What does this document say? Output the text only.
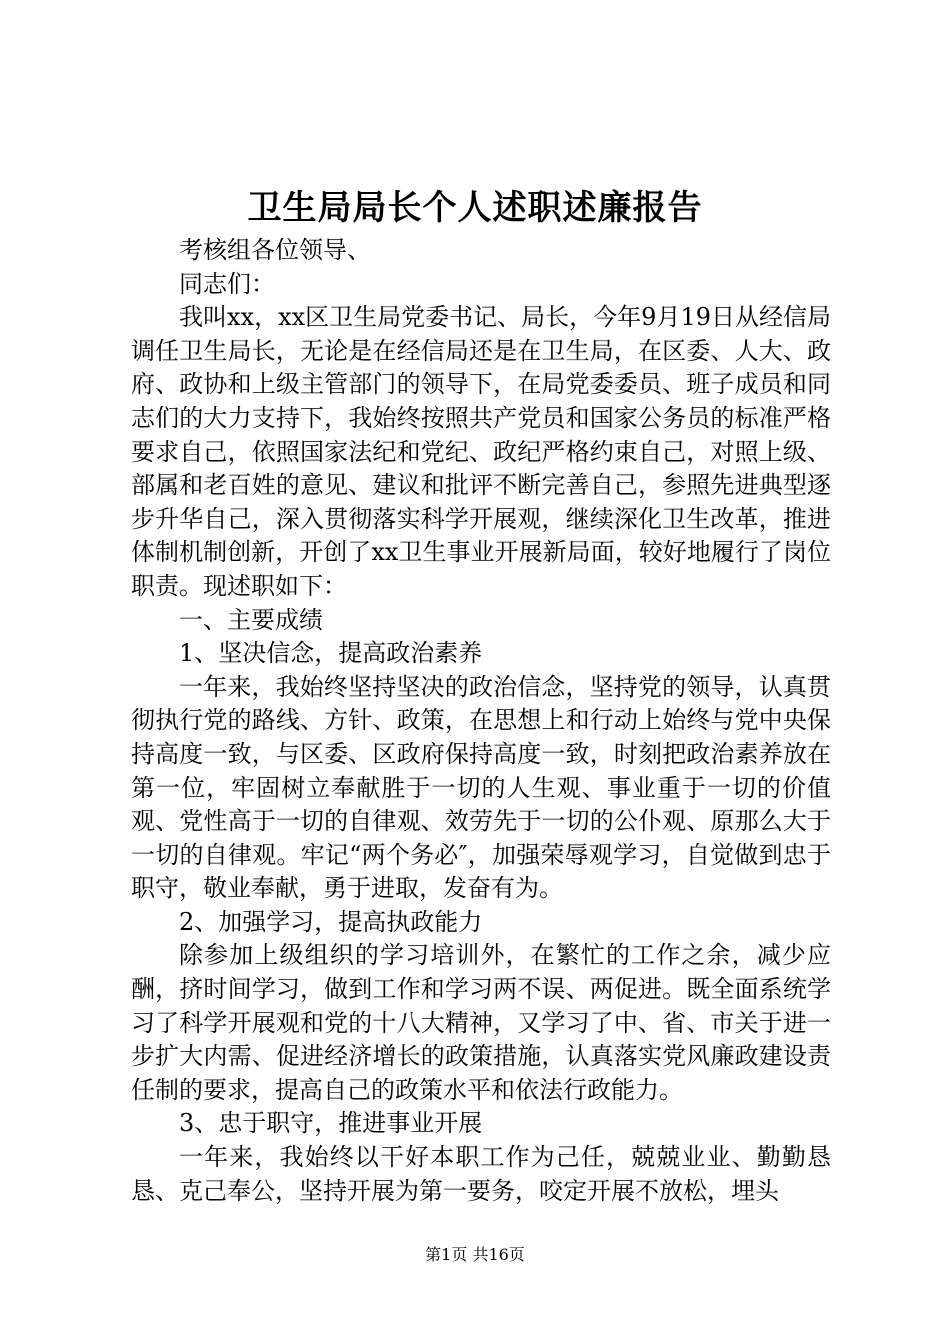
卫生局局长个人述职述廉报告

考核组各位领导、

同志们：

我叫xx，xx区卫生局党委书记、局长，今年9月19日从经信局调任卫生局长，无论是在经信局还是在卫生局，在区委、人大、政府、政协和上级主管部门的领导下，在局党委委员、班子成员和同志们的大力支持下，我始终按照共产党员和国家公务员的标准严格要求自己，依照国家法纪和党纪、政纪严格约束自己，对照上级、部属和老百姓的意见、建议和批评不断完善自己，参照先进典型逐步升华自己，深入贯彻落实科学开展观，继续深化卫生改革，推进体制机制创新，开创了xx卫生事业开展新局面，较好地履行了岗位职责。现述职如下：

一、主要成绩

1、坚决信念，提高政治素养

一年来，我始终坚持坚决的政治信念，坚持党的领导，认真贯彻执行党的路线、方针、政策，在思想上和行动上始终与党中央保持高度一致，与区委、区政府保持高度一致，时刻把政治素养放在第一位，牢固树立奉献胜于一切的人生观、事业重于一切的价值观、党性高于一切的自律观、效劳先于一切的公仆观、原那么大于一切的自律观。牢记“两个务必″，加强荣辱观学习，自觉做到忠于职守，敬业奉献，勇于进取，发奋有为。

2、加强学习，提高执政能力

除参加上级组织的学习培训外，在繁忙的工作之余，减少应酬，挤时间学习，做到工作和学习两不误、两促进。既全面系统学习了科学开展观和党的十八大精神，又学习了中、省、市关于进一步扩大内需、促进经济增长的政策措施，认真落实党风廉政建设责任制的要求，提高自己的政策水平和依法行政能力。

3、忠于职守，推进事业开展

一年来，我始终以干好本职工作为己任，兢兢业业、勤勤恳恳、克己奉公，坚持开展为第一要务，咬定开展不放松，埋头

第1页 共16页
